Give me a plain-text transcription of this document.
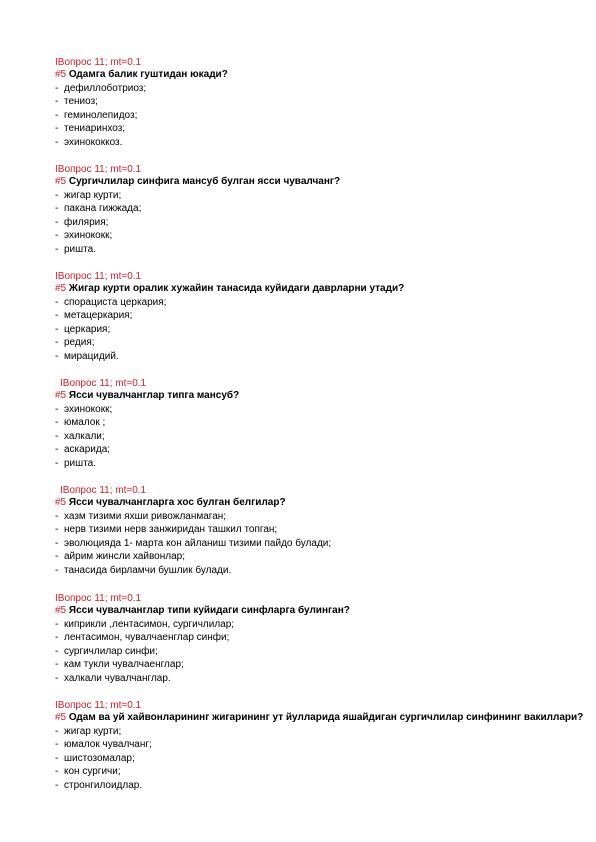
IВопрос 11; mt=0.1
#5 Одамга балик гуштидан юкади?
- дефиллоботриоз;
- тениоз;
- геминолепидоз;
- тениаринхоз;
- эхинококкоз.
IВопрос 11; mt=0.1
#5 Сургичлилар синфига мансуб булган ясси чувалчанг?
- жигар курти;
- пакана гижжада;
- филярия;
- эхинококк;
- ришта.
IВопрос 11; mt=0.1
#5 Жигар курти оралик хужайин танасида куйидаги даврларни утади?
- спорациста церкария;
- метацеркария;
- церкария;
- редия;
- мирацидий.
IВопрос 11; mt=0.1
#5 Ясси чувалчанглар типга мансуб?
- эхинококк;
- юмалок ;
- халкали;
- аскарида;
- ришта.
IВопрос 11; mt=0.1
#5 Ясси чувалчангларга хос булган белгилар?
- хазм тизими яхши ривожланмаган;
- нерв тизими нерв занжиридан ташкил топган;
- эволюцияда 1- марта кон айланиш тизими пайдо булади;
- айрим жинсли хайвонлар;
- танасида бирламчи бушлик булади.
IВопрос 11; mt=0.1
#5 Ясси чувалчанглар типи куйидаги синфларга булинган?
- киприкли ,лентасимон, сургичлилар;
- лентасимон, чувалчаенглар синфи;
- сургичлилар синфи;
- кам тукли чувалчаенглар;
- халкали чувалчанглар.
IВопрос 11; mt=0.1
#5 Одам ва уй хайвонларининг жигарининг ут йулларида яшайдиган сургичлилар синфининг вакиллари?
- жигар курти;
- юмалок чувалчанг;
- шистозомалар;
- кон сургичи;
- стронгилоидлар.
